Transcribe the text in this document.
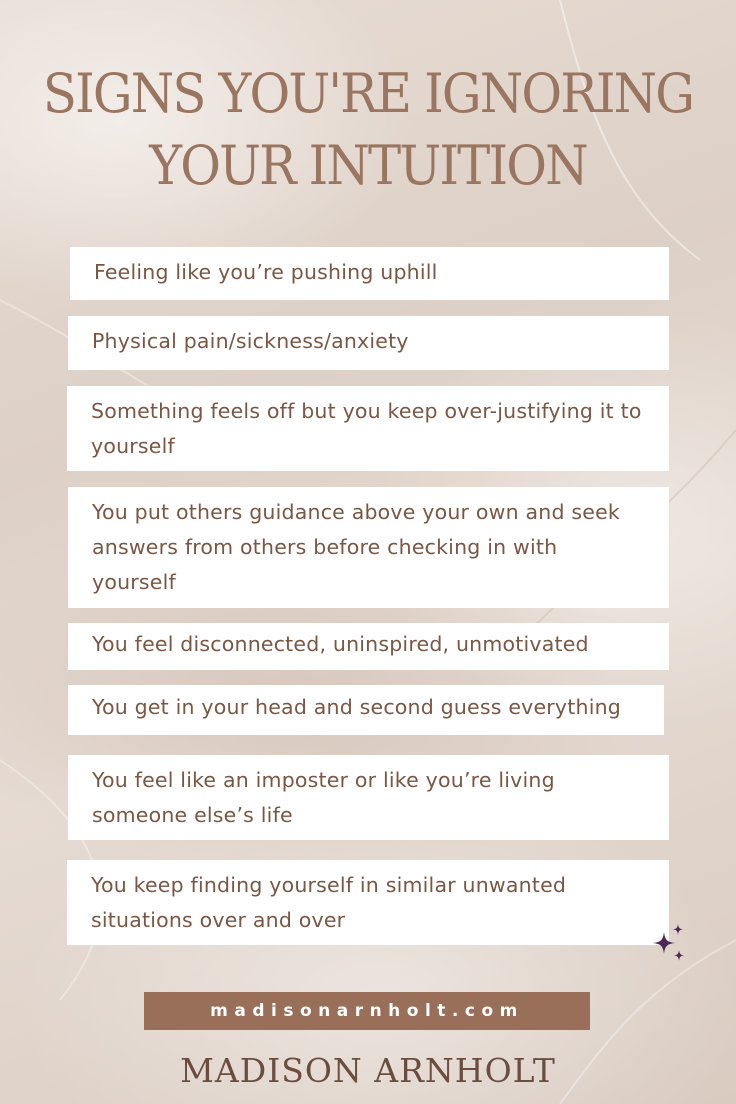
SIGNS YOU'RE IGNORING
YOUR INTUITION
Feeling like you’re pushing uphill
Physical pain/sickness/anxiety
Something feels off but you keep over-justifying it to yourself
You put others guidance above your own and seek answers from others before checking in with yourself
You feel disconnected, uninspired, unmotivated
You get in your head and second guess everything
You feel like an imposter or like you’re living someone else’s life
You keep finding yourself in similar unwanted situations over and over
madisonarnholt.com
MADISON ARNHOLT
